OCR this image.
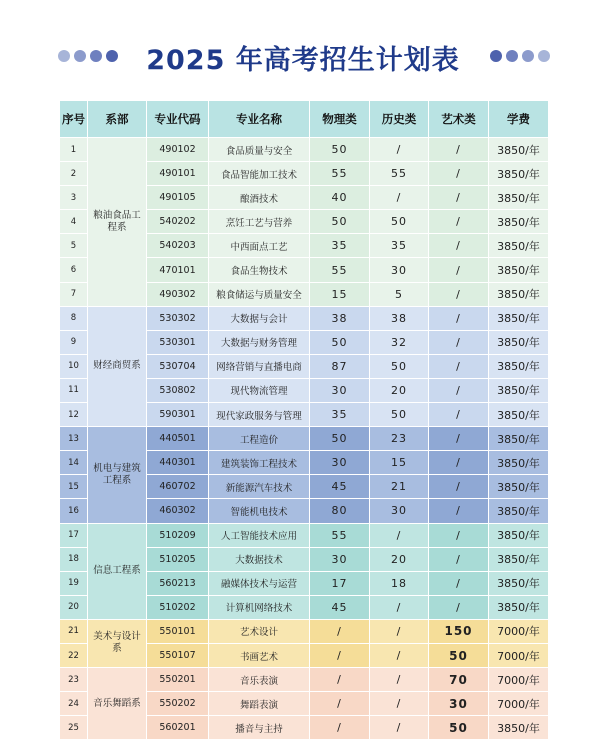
2025 年高考招生计划表
序号	系部	专业代码	专业名称	物理类	历史类	艺术类	学费
1	粮油食品工程系	490102	食品质量与安全	50	/	/	3850/年
2		490101	食品智能加工技术	55	55	/	3850/年
3		490105	酿酒技术	40	/	/	3850/年
4		540202	烹饪工艺与营养	50	50	/	3850/年
5		540203	中西面点工艺	35	35	/	3850/年
6		470101	食品生物技术	55	30	/	3850/年
7		490302	粮食储运与质量安全	15	5	/	3850/年
8	财经商贸系	530302	大数据与会计	38	38	/	3850/年
9		530301	大数据与财务管理	50	32	/	3850/年
10		530704	网络营销与直播电商	87	50	/	3850/年
11		530802	现代物流管理	30	20	/	3850/年
12		590301	现代家政服务与管理	35	50	/	3850/年
13	机电与建筑工程系	440501	工程造价	50	23	/	3850/年
14		440301	建筑装饰工程技术	30	15	/	3850/年
15		460702	新能源汽车技术	45	21	/	3850/年
16		460302	智能机电技术	80	30	/	3850/年
17	信息工程系	510209	人工智能技术应用	55	/	/	3850/年
18		510205	大数据技术	30	20	/	3850/年
19		560213	融媒体技术与运营	17	18	/	3850/年
20		510202	计算机网络技术	45	/	/	3850/年
21	美术与设计系	550101	艺术设计	/	/	150	7000/年
22		550107	书画艺术	/	/	50	7000/年
23	音乐舞蹈系	550201	音乐表演	/	/	70	7000/年
24		550202	舞蹈表演	/	/	30	7000/年
25		560201	播音与主持	/	/	50	3850/年
